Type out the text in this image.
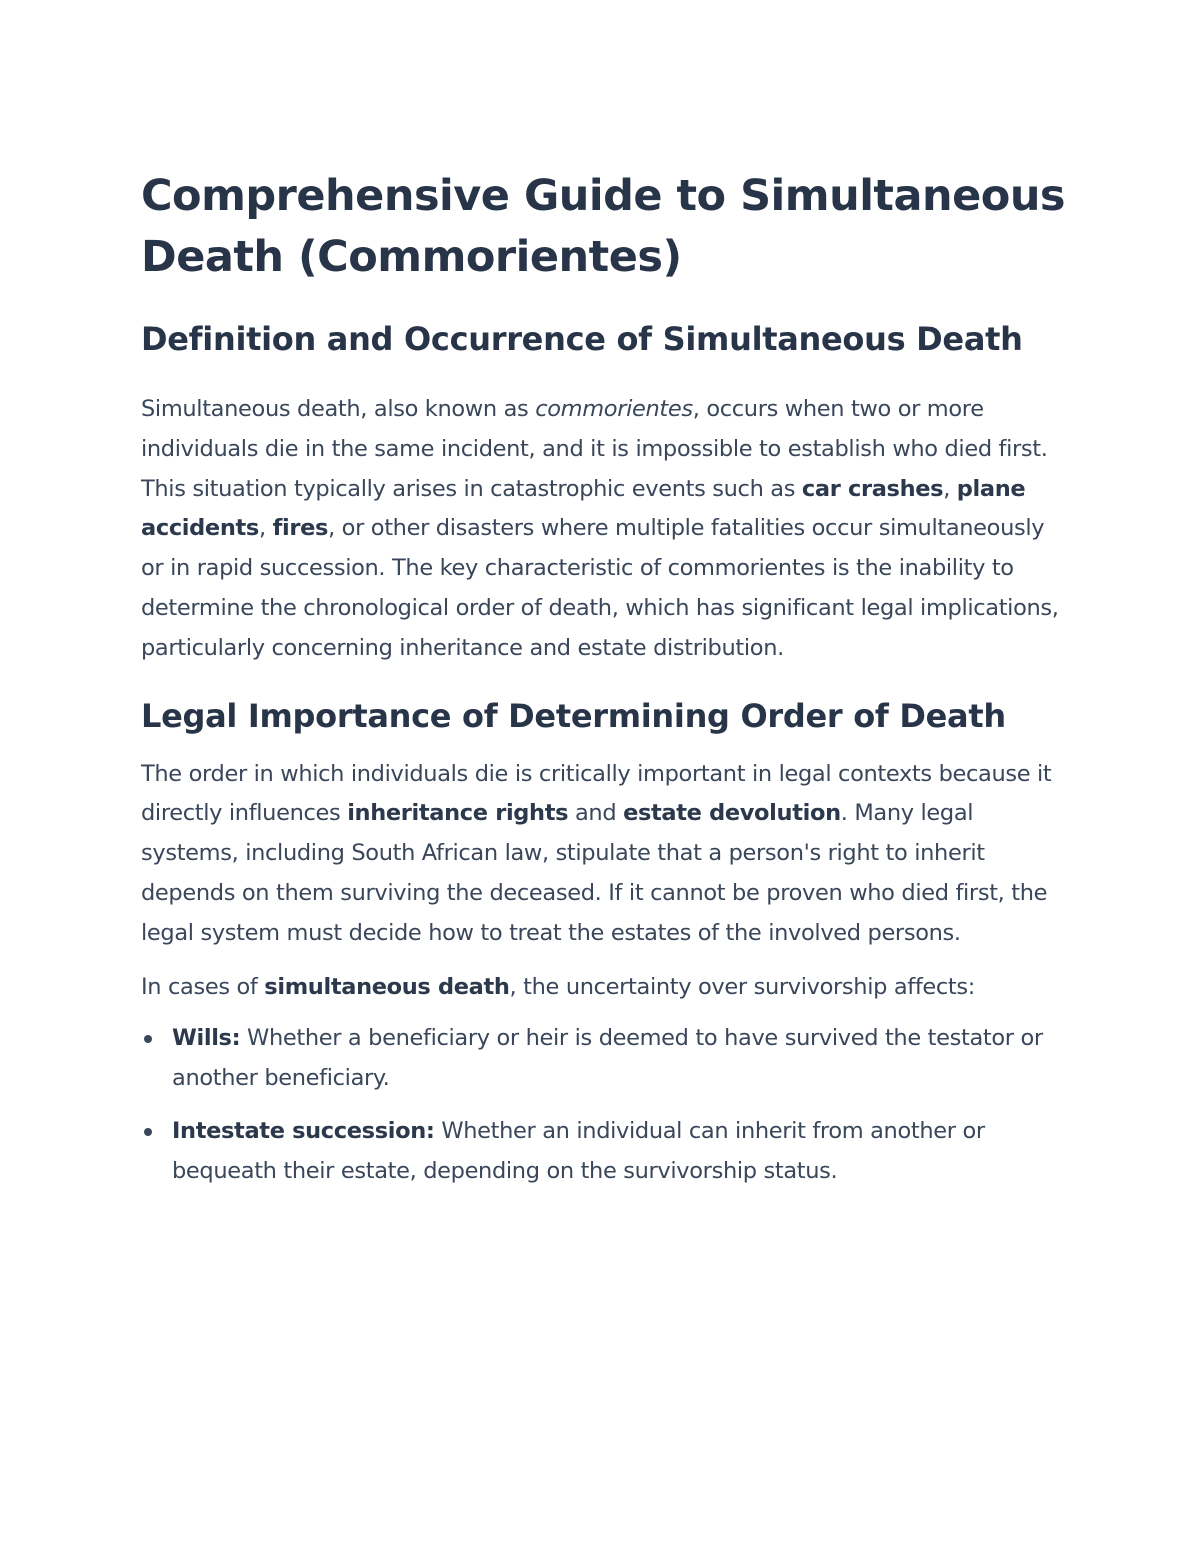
Comprehensive Guide to Simultaneous Death (Commorientes)
Definition and Occurrence of Simultaneous Death

Simultaneous death, also known as commorientes, occurs when two or more individuals die in the same incident, and it is impossible to establish who died first. This situation typically arises in catastrophic events such as car crashes, plane accidents, fires, or other disasters where multiple fatalities occur simultaneously or in rapid succession. The key characteristic of commorientes is the inability to determine the chronological order of death, which has significant legal implications, particularly concerning inheritance and estate distribution.

Legal Importance of Determining Order of Death

The order in which individuals die is critically important in legal contexts because it directly influences inheritance rights and estate devolution. Many legal systems, including South African law, stipulate that a person's right to inherit depends on them surviving the deceased. If it cannot be proven who died first, the legal system must decide how to treat the estates of the involved persons.

In cases of simultaneous death, the uncertainty over survivorship affects:

Wills: Whether a beneficiary or heir is deemed to have survived the testator or another beneficiary.
Intestate succession: Whether an individual can inherit from another or bequeath their estate, depending on the survivorship status.
